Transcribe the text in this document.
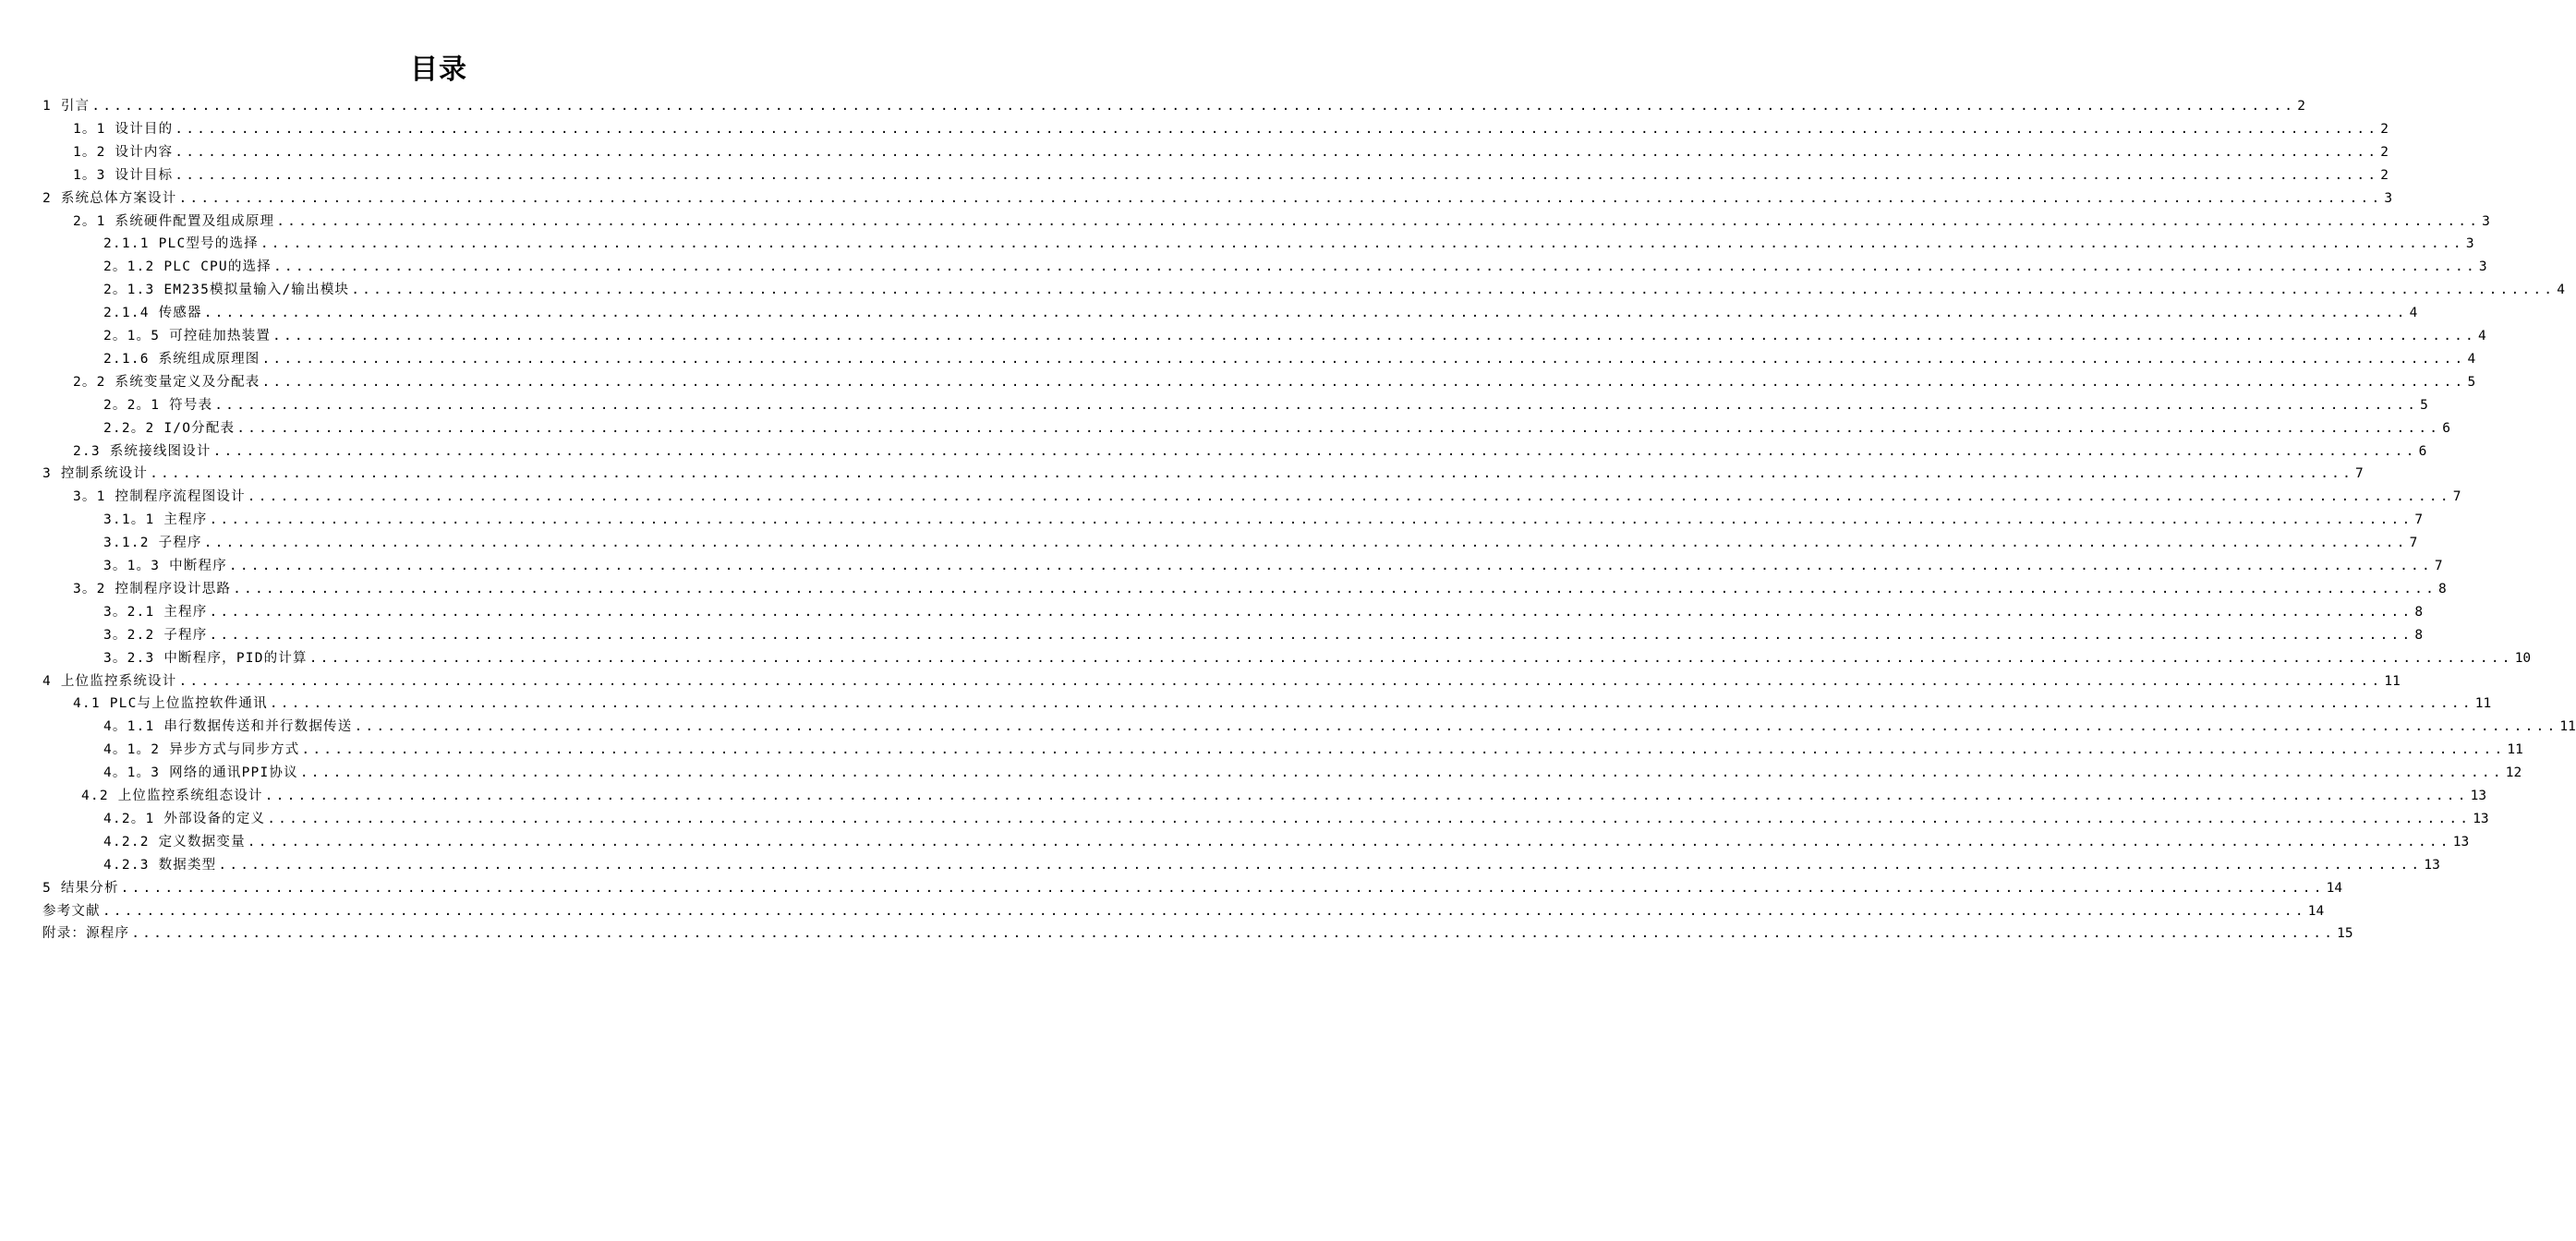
目录
1 引言 ........................................................................................................................................................................................................ 2
1。1 设计目的 ........................................................................................................................................................................................................ 2
1。2 设计内容 ........................................................................................................................................................................................................ 2
1。3 设计目标 ........................................................................................................................................................................................................ 2
2 系统总体方案设计 ........................................................................................................................................................................................................ 3
2。1 系统硬件配置及组成原理 ........................................................................................................................................................................................................ 3
2.1.1 PLC型号的选择 ........................................................................................................................................................................................................ 3
2。1.2 PLC CPU的选择 ........................................................................................................................................................................................................ 3
2。1.3 EM235模拟量输入/输出模块 ........................................................................................................................................................................................................ 4
2.1.4 传感器 ........................................................................................................................................................................................................ 4
2。1。5 可控硅加热装置 ........................................................................................................................................................................................................ 4
2.1.6 系统组成原理图 ........................................................................................................................................................................................................ 4
2。2 系统变量定义及分配表 ........................................................................................................................................................................................................ 5
2。2。1 符号表 ........................................................................................................................................................................................................ 5
2.2。2 I/O分配表 ........................................................................................................................................................................................................ 6
2.3 系统接线图设计 ........................................................................................................................................................................................................ 6
3 控制系统设计 ........................................................................................................................................................................................................ 7
3。1 控制程序流程图设计 ........................................................................................................................................................................................................ 7
3.1。1 主程序 ........................................................................................................................................................................................................ 7
3.1.2 子程序 ........................................................................................................................................................................................................ 7
3。1。3 中断程序 ........................................................................................................................................................................................................ 7
3。2 控制程序设计思路 ........................................................................................................................................................................................................ 8
3。2.1 主程序 ........................................................................................................................................................................................................ 8
3。2.2 子程序 ........................................................................................................................................................................................................ 8
3。2.3 中断程序，PID的计算 ........................................................................................................................................................................................................ 10
4 上位监控系统设计 ........................................................................................................................................................................................................ 11
4.1 PLC与上位监控软件通讯 ........................................................................................................................................................................................................ 11
4。1.1 串行数据传送和并行数据传送 ........................................................................................................................................................................................................ 11
4。1。2 异步方式与同步方式 ........................................................................................................................................................................................................ 11
4。1。3 网络的通讯PPI协议 ........................................................................................................................................................................................................ 12
4.2 上位监控系统组态设计 ........................................................................................................................................................................................................ 13
4.2。1 外部设备的定义 ........................................................................................................................................................................................................ 13
4.2.2 定义数据变量 ........................................................................................................................................................................................................ 13
4.2.3 数据类型 ........................................................................................................................................................................................................ 13
5 结果分析 ........................................................................................................................................................................................................ 14
参考文献 ........................................................................................................................................................................................................ 14
附录：源程序 ........................................................................................................................................................................................................ 15
